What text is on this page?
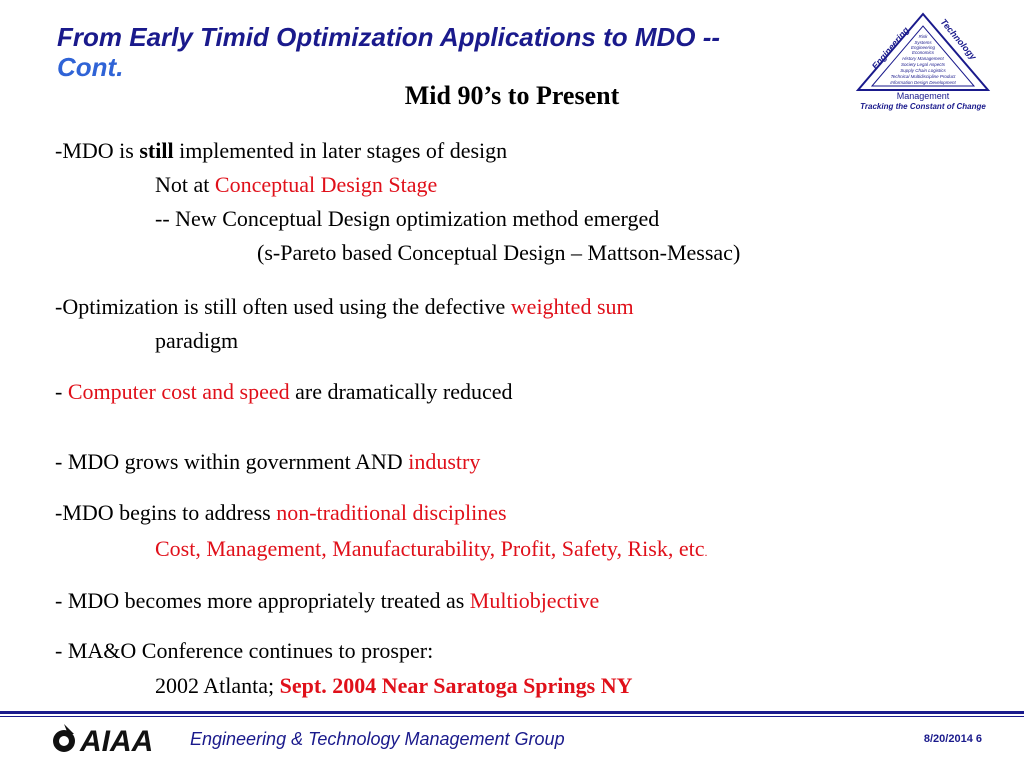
From Early Timid Optimization Applications to MDO --
Cont.
Mid 90’s to Present
Engineering	Technology
Risk
Systems
Engineering
Economics
History Management
Society Legal Aspects
Supply Chain Logistics
Technical Multidiscipline Product
Information Design Development
Management
Tracking the Constant of Change
-MDO is still implemented in later stages of design
Not at Conceptual Design Stage
-- New Conceptual Design optimization method emerged
(s-Pareto based Conceptual Design – Mattson-Messac)
-Optimization is still often used using the defective weighted sum
paradigm
- Computer cost and speed are dramatically reduced
- MDO grows within government AND industry
-MDO begins to address non-traditional disciplines
Cost, Management, Manufacturability, Profit, Safety, Risk, etc.
- MDO becomes more appropriately treated as Multiobjective
- MA&O Conference continues to prosper:
2002 Atlanta; Sept. 2004 Near Saratoga Springs NY
AIAA Engineering & Technology Management Group	8/20/2014 6
